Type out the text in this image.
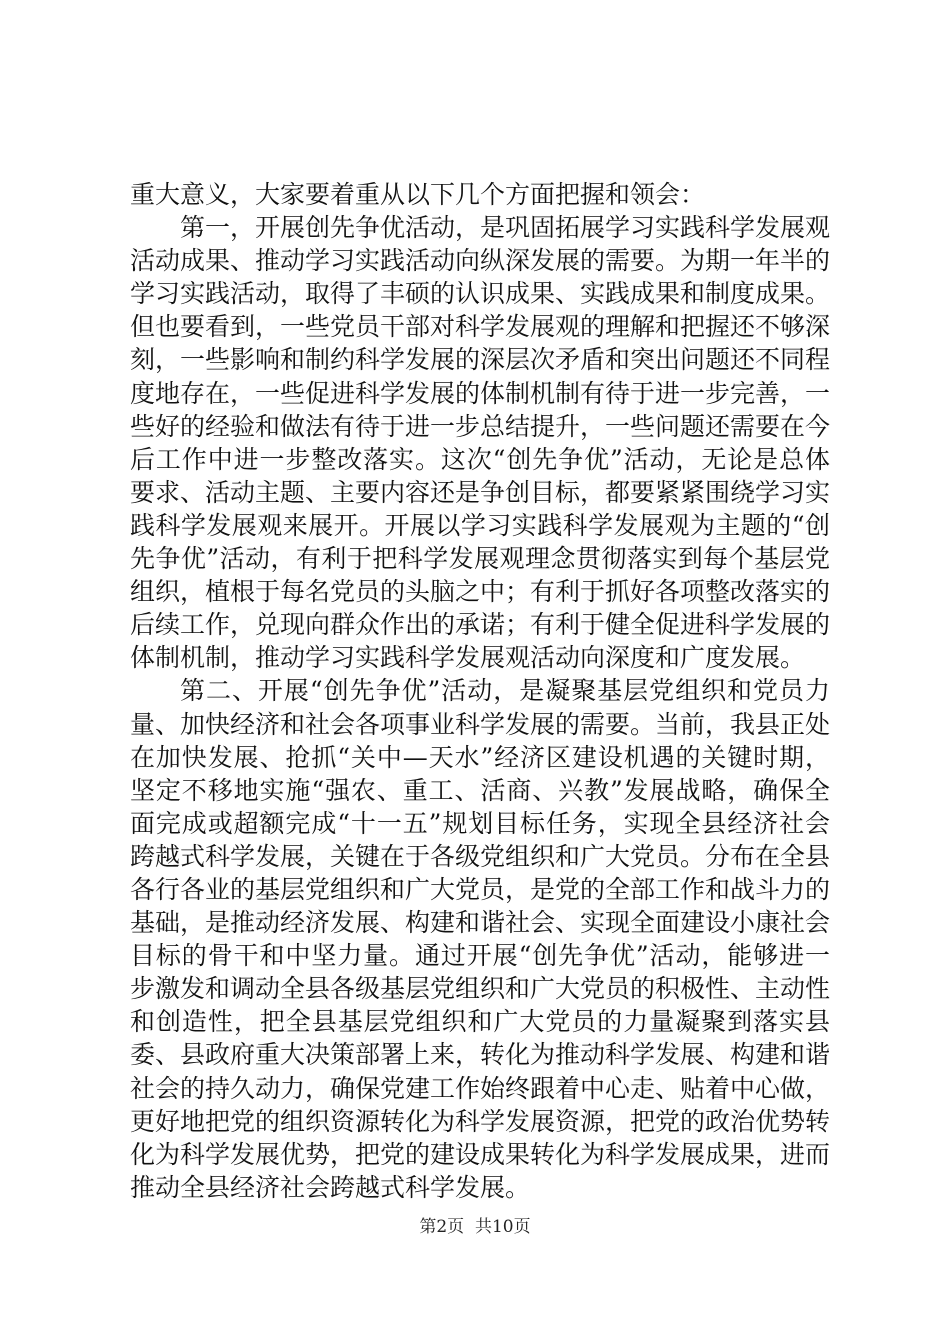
重大意义，大家要着重从以下几个方面把握和领会：

第一，开展创先争优活动，是巩固拓展学习实践科学发展观活动成果、推动学习实践活动向纵深发展的需要。为期一年半的学习实践活动，取得了丰硕的认识成果、实践成果和制度成果。但也要看到，一些党员干部对科学发展观的理解和把握还不够深刻，一些影响和制约科学发展的深层次矛盾和突出问题还不同程度地存在，一些促进科学发展的体制机制有待于进一步完善，一些好的经验和做法有待于进一步总结提升，一些问题还需要在今后工作中进一步整改落实。这次“创先争优”活动，无论是总体要求、活动主题、主要内容还是争创目标，都要紧紧围绕学习实践科学发展观来展开。开展以学习实践科学发展观为主题的“创先争优”活动，有利于把科学发展观理念贯彻落实到每个基层党组织，植根于每名党员的头脑之中；有利于抓好各项整改落实的后续工作，兑现向群众作出的承诺；有利于健全促进科学发展的体制机制，推动学习实践科学发展观活动向深度和广度发展。

第二、开展“创先争优”活动，是凝聚基层党组织和党员力量、加快经济和社会各项事业科学发展的需要。当前，我县正处在加快发展、抢抓“关中—天水”经济区建设机遇的关键时期，坚定不移地实施“强农、重工、活商、兴教”发展战略，确保全面完成或超额完成“十一五”规划目标任务，实现全县经济社会跨越式科学发展，关键在于各级党组织和广大党员。分布在全县各行各业的基层党组织和广大党员，是党的全部工作和战斗力的基础，是推动经济发展、构建和谐社会、实现全面建设小康社会目标的骨干和中坚力量。通过开展“创先争优”活动，能够进一步激发和调动全县各级基层党组织和广大党员的积极性、主动性和创造性，把全县基层党组织和广大党员的力量凝聚到落实县委、县政府重大决策部署上来，转化为推动科学发展、构建和谐社会的持久动力，确保党建工作始终跟着中心走、贴着中心做，更好地把党的组织资源转化为科学发展资源，把党的政治优势转化为科学发展优势，把党的建设成果转化为科学发展成果，进而推动全县经济社会跨越式科学发展。

第2页  共10页
